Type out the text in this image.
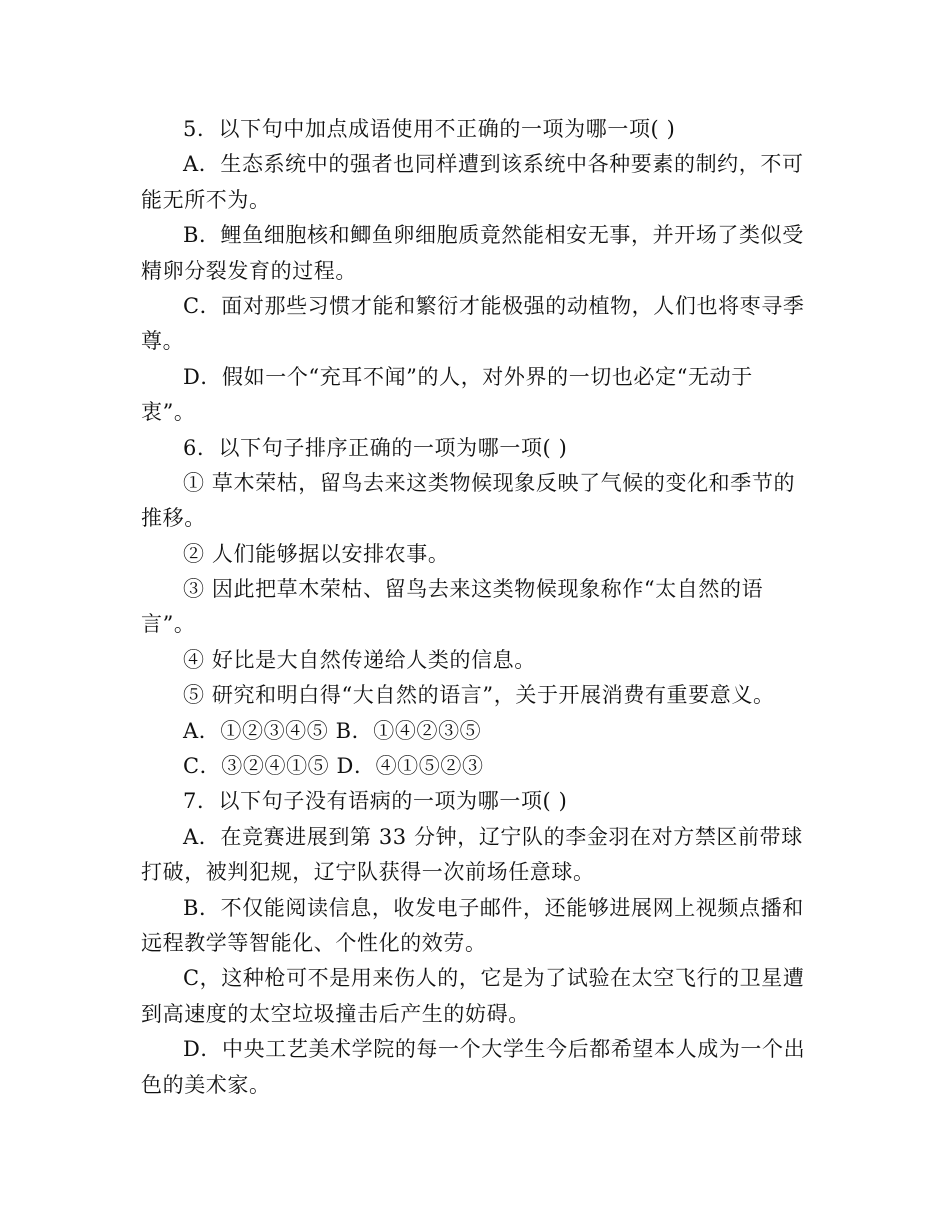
5．以下句中加点成语使用不正确的一项为哪一项( )
A．生态系统中的强者也同样遭到该系统中各种要素的制约，不可
能无所不为。
B．鲤鱼细胞核和鲫鱼卵细胞质竟然能相安无事，并开场了类似受
精卵分裂发育的过程。
C．面对那些习惯才能和繁衍才能极强的动植物，人们也将枣寻季
尊。
D．假如一个“充耳不闻”的人，对外界的一切也必定“无动于
衷”。
6．以下句子排序正确的一项为哪一项( )
① 草木荣枯，留鸟去来这类物候现象反映了气候的变化和季节的
推移。
② 人们能够据以安排农事。
③ 因此把草木荣枯、留鸟去来这类物候现象称作“太自然的语
言”。
④ 好比是大自然传递给人类的信息。
⑤ 研究和明白得“大自然的语言”，关于开展消费有重要意义。
A．①②③④⑤ B．①④②③⑤
C．③②④①⑤ D．④①⑤②③
7．以下句子没有语病的一项为哪一项( )
A．在竞赛进展到第 33 分钟，辽宁队的李金羽在对方禁区前带球
打破，被判犯规，辽宁队获得一次前场任意球。
B．不仅能阅读信息，收发电子邮件，还能够进展网上视频点播和
远程教学等智能化、个性化的效劳。
C，这种枪可不是用来伤人的，它是为了试验在太空飞行的卫星遭
到高速度的太空垃圾撞击后产生的妨碍。
D．中央工艺美术学院的每一个大学生今后都希望本人成为一个出
色的美术家。
